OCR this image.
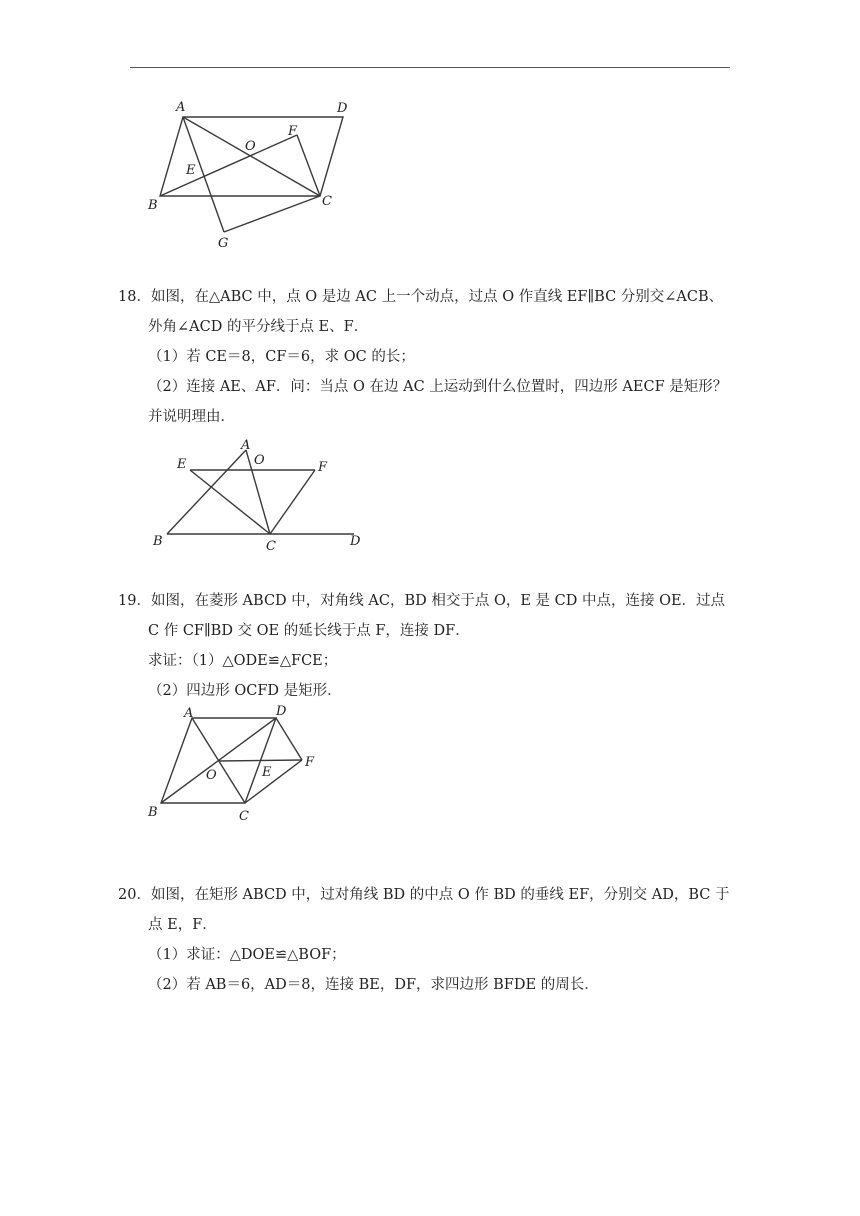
A	D
F
O
E
B	C
G
18．如图，在△ABC 中，点 O 是边 AC 上一个动点，过点 O 作直线 EF∥BC 分别交∠ACB、
外角∠ACD 的平分线于点 E、F．
（1）若 CE＝8，CF＝6，求 OC 的长；
（2）连接 AE、AF．问：当点 O 在边 AC 上运动到什么位置时，四边形 AECF 是矩形？
并说明理由．
A
O
E	F
B	C	D
19．如图，在菱形 ABCD 中，对角线 AC，BD 相交于点 O，E 是 CD 中点，连接 OE．过点
C 作 CF∥BD 交 OE 的延长线于点 F，连接 DF．
求证：（1）△ODE≌△FCE；
（2）四边形 OCFD 是矩形．
A	D
O	E
F
B	C
20．如图，在矩形 ABCD 中，过对角线 BD 的中点 O 作 BD 的垂线 EF，分别交 AD，BC 于
点 E，F．
（1）求证：△DOE≌△BOF；
（2）若 AB＝6，AD＝8，连接 BE，DF，求四边形 BFDE 的周长．
